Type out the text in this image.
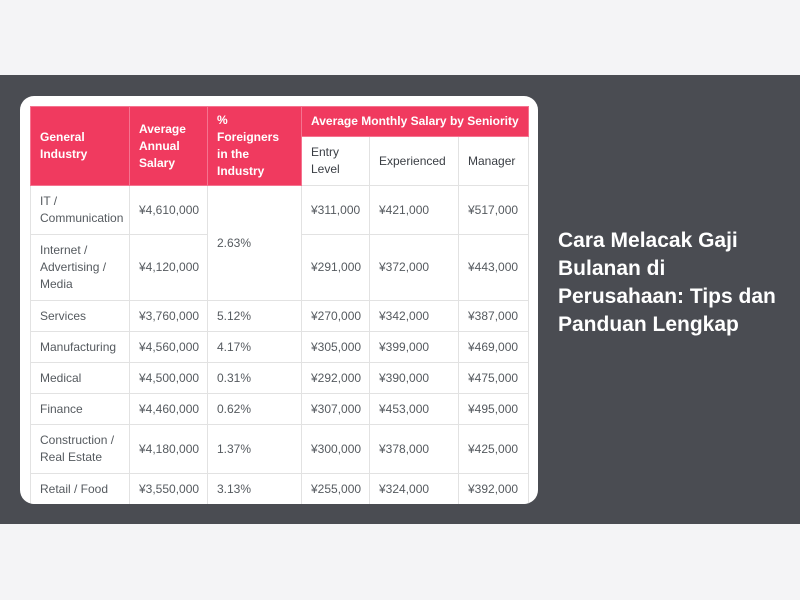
General Industry	Average Annual Salary	% Foreigners in the Industry	Average Monthly Salary by Seniority		
			Entry Level	Experienced	Manager
IT / Communication	¥4,610,000	2.63%	¥311,000	¥421,000	¥517,000
Internet / Advertising / Media	¥4,120,000		¥291,000	¥372,000	¥443,000
Services	¥3,760,000	5.12%	¥270,000	¥342,000	¥387,000
Manufacturing	¥4,560,000	4.17%	¥305,000	¥399,000	¥469,000
Medical	¥4,500,000	0.31%	¥292,000	¥390,000	¥475,000
Finance	¥4,460,000	0.62%	¥307,000	¥453,000	¥495,000
Construction / Real Estate	¥4,180,000	1.37%	¥300,000	¥378,000	¥425,000
Retail / Food	¥3,550,000	3.13%	¥255,000	¥324,000	¥392,000
Cara Melacak Gaji Bulanan di Perusahaan: Tips dan Panduan Lengkap
